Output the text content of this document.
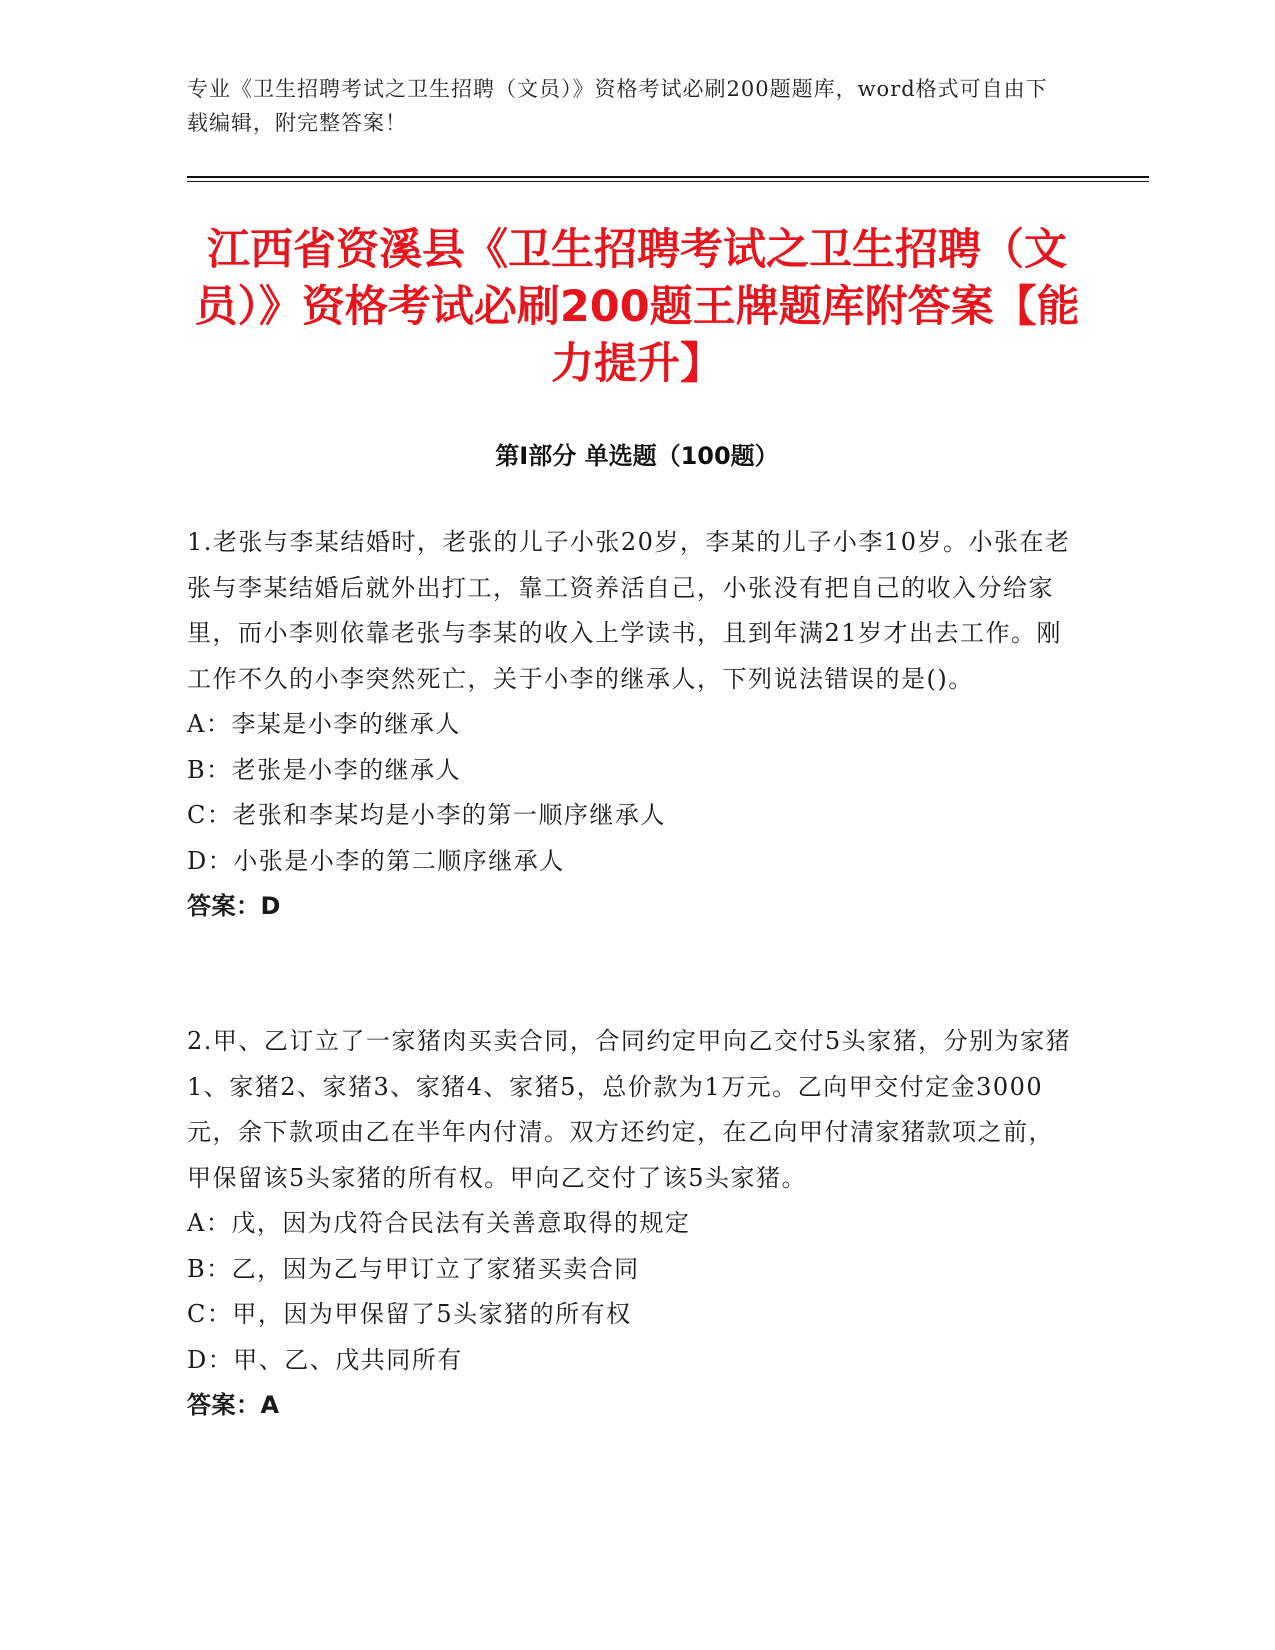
专业《卫生招聘考试之卫生招聘（文员）》资格考试必刷200题题库，word格式可自由下载编辑，附完整答案！
江西省资溪县《卫生招聘考试之卫生招聘（文员）》资格考试必刷200题王牌题库附答案【能力提升】
第I部分 单选题（100题）

1.老张与李某结婚时，老张的儿子小张20岁，李某的儿子小李10岁。小张在老张与李某结婚后就外出打工，靠工资养活自己，小张没有把自己的收入分给家里，而小李则依靠老张与李某的收入上学读书，且到年满21岁才出去工作。刚工作不久的小李突然死亡，关于小李的继承人，下列说法错误的是()。

A：李某是小李的继承人

B：老张是小李的继承人

C：老张和李某均是小李的第一顺序继承人

D：小张是小李的第二顺序继承人

答案：D

2.甲、乙订立了一家猪肉买卖合同，合同约定甲向乙交付5头家猪，分别为家猪1、家猪2、家猪3、家猪4、家猪5，总价款为1万元。乙向甲交付定金3000元，余下款项由乙在半年内付清。双方还约定，在乙向甲付清家猪款项之前，甲保留该5头家猪的所有权。甲向乙交付了该5头家猪。

A：戊，因为戊符合民法有关善意取得的规定

B：乙，因为乙与甲订立了家猪买卖合同

C：甲，因为甲保留了5头家猪的所有权

D：甲、乙、戊共同所有

答案：A
